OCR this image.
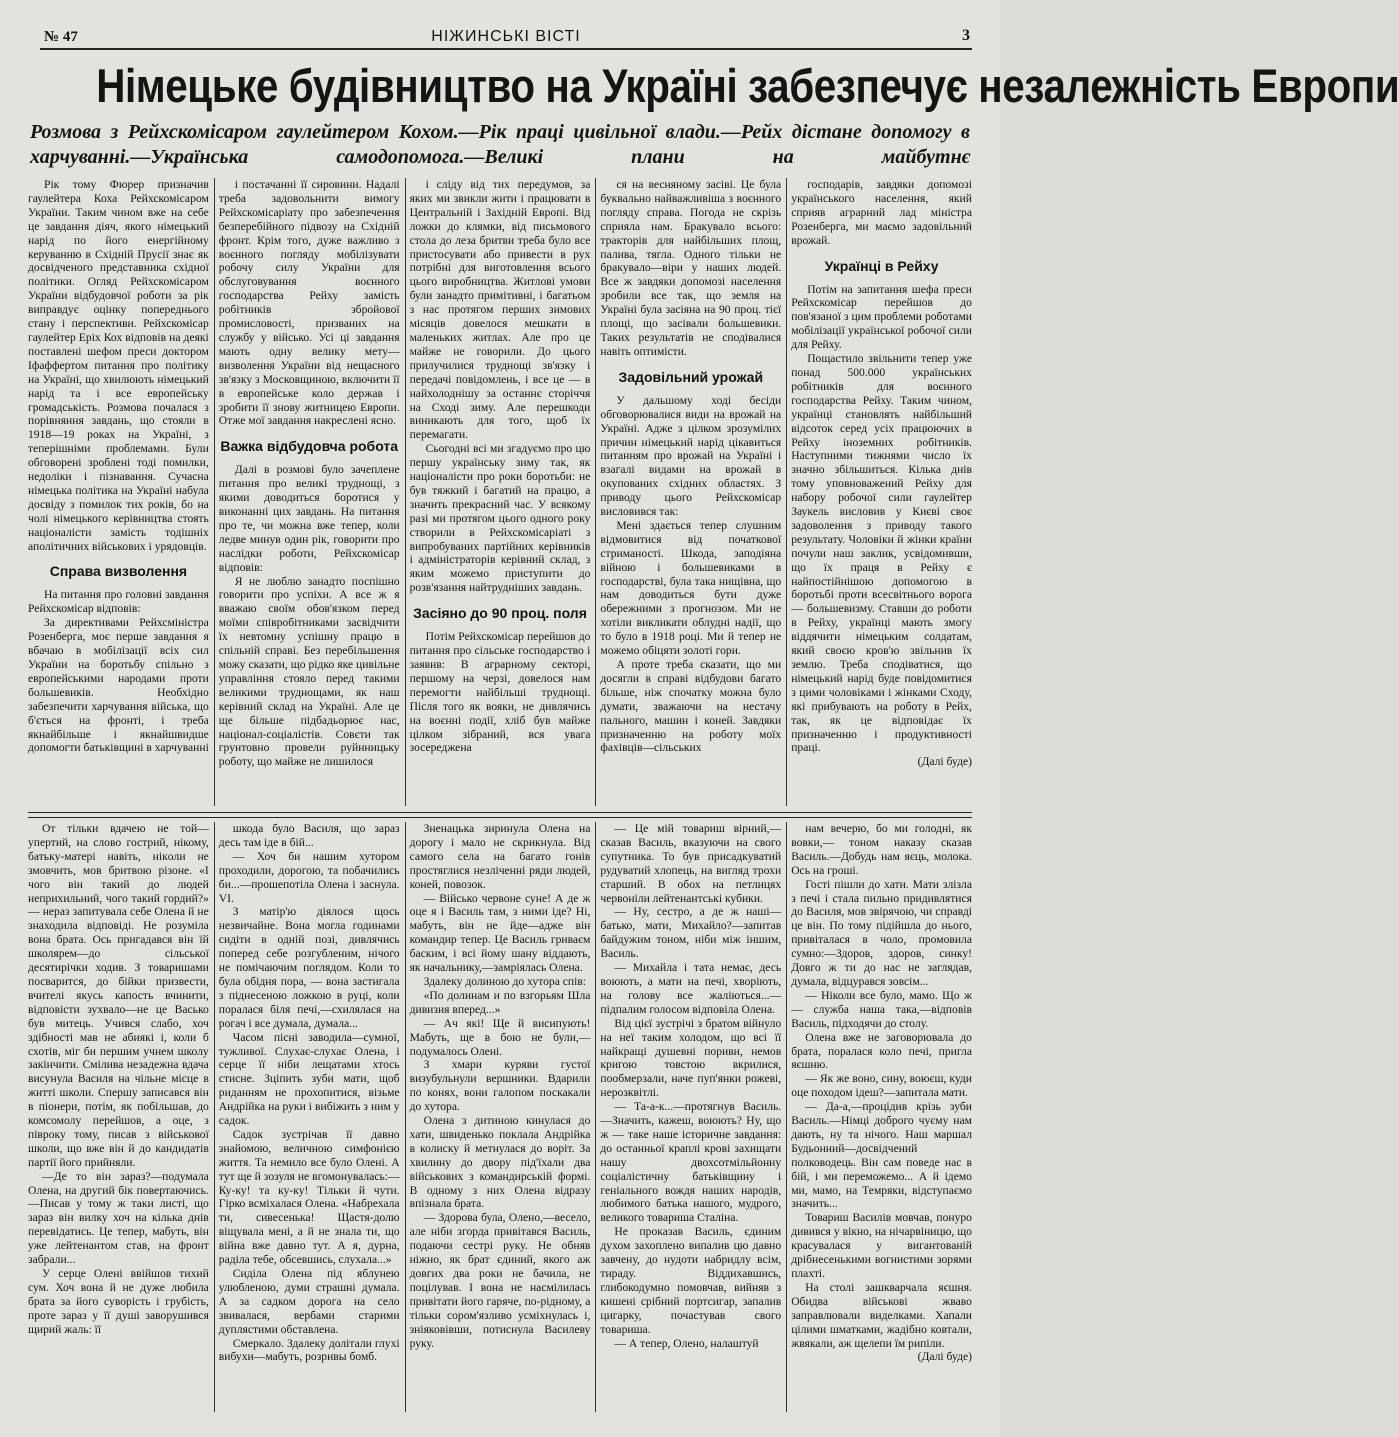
№ 47	НІЖИНСЬКІ ВІСТІ	3
Німецьке будівництво на Україні забезпечує незалежність Европи
Розмова з Рейхскомісаром гаулейтером Кохом.—Рік праці цивільної влади.—Рейх дістане допомогу в харчуванні.—Українська самодопомога.—Великі плани на майбутнє

Рік тому Фюрер призначив гаулейтера Коха Рейхскомісаром України. Таким чином вже на себе це завдання діяч, якого німецький нарід по його енергійному керуванню в Східній Прусії знає як досвідченого представника східної політики. Огляд Рейхскомісаром України відбудовчої роботи за рік виправдує оцінку попереднього стану і перспективи. Рейхскомісар гаулейтер Еріх Кох відповів на деякі поставлені шефом преси доктором Іфаффертом питання про політику на Україні, що хвилюють німецький нарід та і все европейську громадськість. Розмова почалася з порівняння завдань, що стояли в 1918—19 роках на Україні, з теперішніми проблемами. Були обговорені зроблені тоді помилки, недоліки і пізнавання. Сучасна німецька політика на Україні набула досвіду з помилок тих років, бо на чолі німецького керівництва стоять націоналісти замість тодішніх аполітичних військових і урядовців.

Справа визволення

На питання про головні завдання Рейхскомісар відповів:

За директивами Рейхсміністра Розенберга, моє перше завдання я вбачаю в мобілізації всіх сил України на боротьбу спільно з европейськими народами проти большевиків. Необхідно забезпечити харчування війська, що б'ється на фронті, і треба якнайбільше і якнайшвидше допомогти батьківщині в харчуванні

і постачанні її сировини. Надалі треба задовольнити вимогу Рейхскомісаріату про забезпечення безперебійного підвозу на Східній фронт. Крім того, дуже важливо з воєнного погляду мобілізувати робочу силу України для обслуговування воєнного господарства Рейху замість робітників збройової промисловості, призваних на службу у військо. Усі ці завдання мають одну велику мету—визволення України від нещасного зв'язку з Московщиною, включити її в европейське коло держав і зробити її знову житницею Европи. Отже мої завдання накреслені ясно.

Важка відбудовча робота

Далі в розмові було зачеплене питання про великі труднощі, з якими доводиться боротися у виконанні цих завдань. На питання про те, чи можна вже тепер, коли ледве минув один рік, говорити про наслідки роботи, Рейхскомісар відповів:

Я не люблю занадто поспішно говорити про успіхи. А все ж я вважаю своїм обов'язком перед моїми співробітниками засвідчити їх невтомну успішну працю в спільній справі. Без перебільшення можу сказати, що рідко яке цивільне управління стояло перед такими великими труднощами, як наш керівний склад на Україні. Але це ще більше підбадьорює нас, націонал-соціалістів. Совєти так грунтовно провели руйнницьку роботу, що майже не лишилося

і сліду від тих передумов, за яких ми звикли жити і працювати в Центральній і Західній Европі. Від ложки до клямки, від письмового стола до леза бритви треба було все пристосувати або привести в рух потрібні для виготовлення всього цього виробництва. Житлові умови були занадто примітивні, і багатьом з нас протягом перших зимових місяців довелося мешкати в маленьких житлах. Але про це майже не говорили. До цього прилучилися труднощі зв'язку і передачі повідомлень, і все це — в найхолоднішу за останнє сторіччя на Сході зиму. Але перешкоди виникають для того, щоб їх перемагати.

Сьогодні всі ми згадуємо про цю першу українську зиму так, як націоналісти про роки боротьби: не був тяжкий і багатий на працю, а значить прекрасний час. У всякому разі ми протягом цього одного року створили в Рейхскомісаріаті з випробуваних партійних керівників і адміністраторів керівний склад, з яким можемо приступити до розв'язання найтрудніших завдань.

Засіяно до 90 проц. поля

Потім Рейхскомісар перейшов до питання про сільське господарство і заявив: В аграрному секторі, першому на черзі, довелося нам перемогти найбільші труднощі. Після того як вояки, не дивлячись на воєнні події, хліб був майже цілком зібраний, вся увага зосереджена

ся на весняному засіві. Це була буквально найважливіша з воєнного погляду справа. Погода не скрізь сприяла нам. Бракувало всього: тракторів для найбільших площ, палива, тягла. Одного тільки не бракувало—віри у наших людей. Все ж завдяки допомозі населення зробили все так, що земля на Україні була засіяна на 90 проц. тієї площі, що засівали большевики. Таких результатів не сподівалися навіть оптимісти.

Задовільний урожай

У дальшому ході бесіди обговорювалися види на врожай на Україні. Адже з цілком зрозумілих причин німецький нарід цікавиться питанням про врожай на Україні і взагалі видами на врожай в окупованих східних областях. З приводу цього Рейхскомісар висловився так:

Мені здається тепер слушним відмовитися від початкової стриманості. Шкода, заподіяна війною і большевиками в господарстві, була така нищівна, що нам доводиться бути дуже обережними з прогнозом. Ми не хотіли викликати облудні надії, що то було в 1918 році. Ми й тепер не можемо обіцяти золоті гори.

А проте треба сказати, що ми досягли в справі відбудови багато більше, ніж спочатку можна було думати, зважаючи на нестачу пального, машин і коней. Завдяки призначенню на роботу моїх фахівців—сільських

господарів, завдяки допомозі українського населення, який сприяв аграрний лад міністра Розенберга, ми маємо задовільний врожай.

Українці в Рейху

Потім на запитання шефа преси Рейхскомісар перейшов до пов'язаної з цим проблеми роботами мобілізації української робочої сили для Рейху.

Пощастило звільнити тепер уже понад 500.000 українських робітників для воєнного господарства Рейху. Таким чином, українці становлять найбільший відсоток серед усіх працюючих в Рейху іноземних робітників. Наступними тижнями число їх значно збільшиться. Кілька днів тому уповноважений Рейху для набору робочої сили гаулейтер Заукель висловив у Києві своє задоволення з приводу такого результату. Чоловіки й жінки країни почули наш заклик, усвідомивши, що їх праця в Рейху є найпостійнішою допомогою в боротьбі проти всесвітнього ворога — большевизму. Ставши до роботи в Рейху, українці мають змогу віддячити німецьким солдатам, який своєю кров'ю звільнив їх землю. Треба сподіватися, що німецький нарід буде повідомитися з цими чоловіками і жінками Сходу, які прибувають на роботу в Рейх, так, як це відповідає їх призначенню і продуктивності праці.

(Далі буде)

От тільки вдачею не той—упертий, на слово гострий, нікому, батьку-матері навіть, нікoли не змовчить, мов бритвою різоне. «І чого він такий до людей неприхильний, чого такий гордий?» — нераз запитувала себе Олена й не знаходила відповіді. Не розуміла вона брата. Ось пригадався він їй школярем—до сільської десятирічки ходив. З товаришами посварится, до бійки призвести, вчителі якусь капость вчинити, відповісти зухвало—не це Васько був митець. Учився слабо, хоч здібності мав не абиякі і, коли б схотів, міг би першим учнем школу закінчити. Смілива незадежна вдача висунула Василя на чільне місце в житті школи. Спершу записався він в піонери, потім, як побільшав, до комсомолу перейшов, а оце, з півроку тому, писав з військової школи, що вже він й до кандидатів партії його прийняли.

—Де то він зараз?—подумала Олена, на другий бік повертаючись.—Писав у тому ж таки листі, що зараз він вилку хоч на кілька днів перевідатись. Це тепер, мабуть, він уже лейтенантом став, на фронт забрали...

У серце Олені ввійшов тихий сум. Хоч вона й не дуже любила брата за його суворість і грубість, проте зараз у її душі заворушився щирий жаль: її

шкода було Василя, що зараз десь там іде в бій...

— Хоч би нашим хутором проходили, дорогою, та побачились би...—прошепотіла Олена і заснула. VI.

З матір'ю діялося щось незвичайне. Вона могла годинами сидіти в одній позі, дивлячись поперед себе розгубленим, нічого не помічаючим поглядом. Коли то була обідня пора, — вона застигала з піднесеною ложкою в руці, коли поралася біля печі,—схилялася на рогач і все думала, думала...

Часом пісні заводила—сумної, тужливої. Слухає-слухає Олена, і серце її ніби лещатами хтось стисне. Зціпить зуби мати, щоб риданням не прохопитися, візьме Андрійка на руки і вибіжить з ним у садок.

Садок зустрічав її давно знайомою, величною симфонією життя. Та немило все було Олені. А тут ще й зозуля не вгомонувалась:—Ку-ку! та ку-ку! Тільки й чути. Гірко всміхалася Олена. «Набрехала ти, сивесенька! Щастя-долю віщувала мені, а й не знала ти, що війна вже давно тут. А я, дурна, раділа тебе, обсевшись, слухала...»

Сиділа Олена під яблунею улюбленою, думи страшні думала. А за садком дорога на село звивалася, вербами старими дуплястими обставлена.

Смеркало. Здалеку долітали глухі вибухи—мабуть, розривы бомб.

Зненацька зиринула Олена на дорогу і мало не скрикнула. Від самого села на багато гонів простяглися незліченні ряди людей, коней, повозок.

— Військо червоне суне! А де ж оце я і Василь там, з ними іде? Ні, мабуть, він не йде—адже він командир тепер. Це Василь гриваєм баским, і всі йому шану віддають, як начальнику,—замріялась Олена.

Здалеку долиною до хутора спів:

«По долинам и по взгорьям Шла дивизия вперед...»

— Ач які! Ще й висипують! Мабуть, ще в бою не були,—подумалось Олені.

З хмари куряви густої визубульнули вершники. Вдарили по конях, вони галопом поскакали до хутора.

Олена з дитиною кинулася до хати, швиденько поклала Андрійка в колиску й метнулася до воріт. За хвилину до двору під'їхали два військових з командирській формі. В одному з них Олена відразу впізнала брата.

— Здорова була, Олено,—весело, але ніби згорда привітався Василь, подаючи сестрі руку. Не обняв ніжно, як брат єдиний, якого аж довгих два роки не бачила, не поцілував. І вона не насмілилась привітати його гаряче, по-рідному, а тільки сором'язливо усміхнулась і, зніяковівши, потиснула Василеву руку.

— Це мій товариш вірний,—сказав Василь, вказуючи на свого супутника. То був присадкуватий рудуватий хлопець, на вигляд трохи старший. В обох на петлицях червоніли лейтенантські кубики.

— Ну, сестро, а де ж наші—батько, мати, Михайло?—запитав байдужим тоном, ніби між іншим, Василь.

— Михайла і тата немає, десь воюють, а мати на печі, хворіють, на голову все жаліються...—підпалим голосом відповіла Олена.

Від цієї зустрічі з братом війнуло на неї таким холодом, що всі її найкращі душевні пориви, немов кригою товстою вкрилися, пообмерзали, наче пуп'янки рожеві, нерозквітлі.

— Та-а-к...—протягнув Василь.—Значить, кажеш, воюють? Ну, що ж — таке наше історичне завдання: до останньої краплі крові захищати нашу двохсотмільйонну соціалістичну батьківщину і геніального вождя наших народів, любимого батька нашого, мудрого, великого товариша Сталіна.

Не проказав Василь, єдиним духом захоплено випалив цю давно завчену, до нудоти набридлу всім, тираду. Віддихавшись, глибокодумно помовчав, вийняв з кишені срібний портсигар, запалив цигарку, почастував свого товариша.

— А тепер, Олено, налаштуй

нам вечерю, бо ми голодні, як вовки,— тоном наказу сказав Василь.—Добудь нам яєць, молока. Ось на гроші.

Гості пішли до хати. Мати злізла з печі і стала пильно придивлятися до Василя, мов звірячою, чи справді це він. По тому підійшла до нього, привіталася в чоло, промовила сумно:—Здоров, здоров, синку! Довго ж ти до нас не заглядав, думала, відцурався зовсім...

— Ніколи все було, мамо. Що ж — служба наша така,—відповів Василь, підходячи до столу.

Олена вже не заговорювала до брата, поралася коло печі, пригла яєшню.

— Як же воно, сину, воюєш, куди оце походом ідеш?—запитала мати.

— Да-а,—процідив крізь зуби Василь.—Німці доброго чуєму нам дають, ну та нічого. Наш маршал Будьонний—досвідчений полководець. Він сам поведе нас в бій, і ми переможемо... А й ідемо ми, мамо, на Темряки, відступаємо значить...

Товариш Василів мовчав, понуро дивився у вікно, на нічарвіницю, що красувалася у вигантованій дрібнесенькими вогнистими зорями плахті.

На столі зашкварчала яєшня. Обидва військові жваво заправлювали виделками. Хапали цілими шматками, жадібно ковтали, жвякали, аж щелепи їм рипіли.

(Далі буде)
